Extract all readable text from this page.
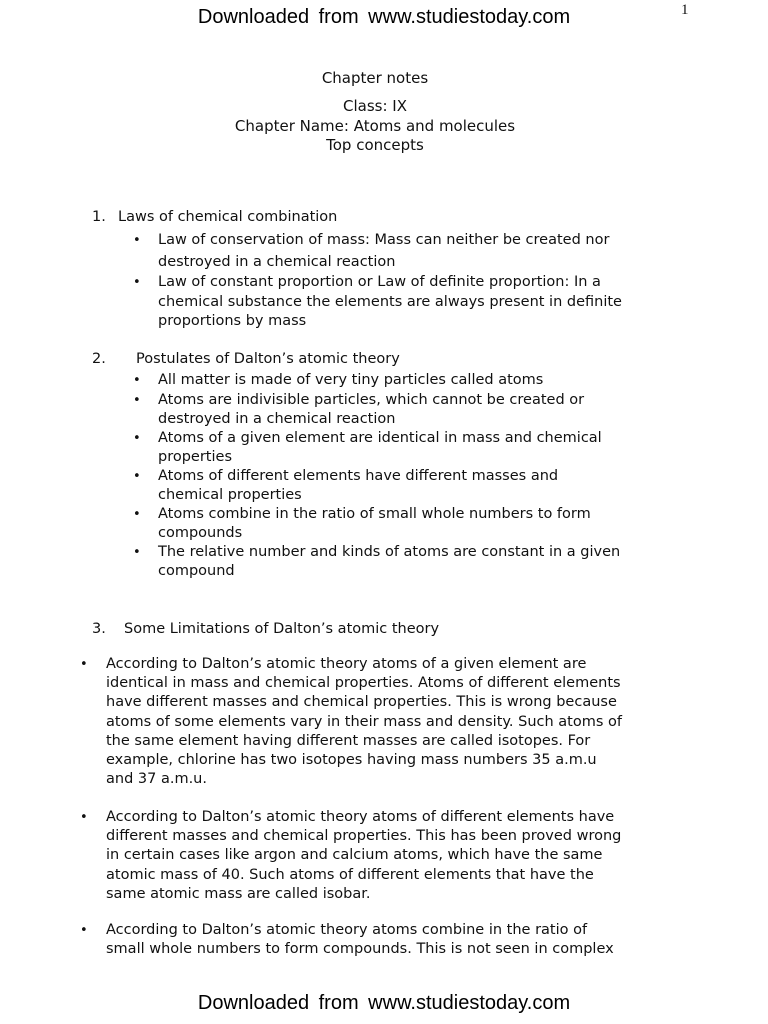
Downloaded from www.studiestoday.com	1
Chapter notes
Class: IX
Chapter Name: Atoms and molecules
Top concepts
1. Laws of chemical combination
• Law of conservation of mass: Mass can neither be created nor
destroyed in a chemical reaction
• Law of constant proportion or Law of definite proportion: In a
chemical substance the elements are always present in definite
proportions by mass
2. Postulates of Dalton’s atomic theory
• All matter is made of very tiny particles called atoms
• Atoms are indivisible particles, which cannot be created or
destroyed in a chemical reaction
• Atoms of a given element are identical in mass and chemical
properties
• Atoms of different elements have different masses and
chemical properties
• Atoms combine in the ratio of small whole numbers to form
compounds
• The relative number and kinds of atoms are constant in a given
compound
3. Some Limitations of Dalton’s atomic theory
• According to Dalton’s atomic theory atoms of a given element are
identical in mass and chemical properties. Atoms of different elements
have different masses and chemical properties. This is wrong because
atoms of some elements vary in their mass and density. Such atoms of
the same element having different masses are called isotopes. For
example, chlorine has two isotopes having mass numbers 35 a.m.u
and 37 a.m.u.
• According to Dalton’s atomic theory atoms of different elements have
different masses and chemical properties. This has been proved wrong
in certain cases like argon and calcium atoms, which have the same
atomic mass of 40. Such atoms of different elements that have the
same atomic mass are called isobar.
• According to Dalton’s atomic theory atoms combine in the ratio of
small whole numbers to form compounds. This is not seen in complex
Downloaded from www.studiestoday.com
